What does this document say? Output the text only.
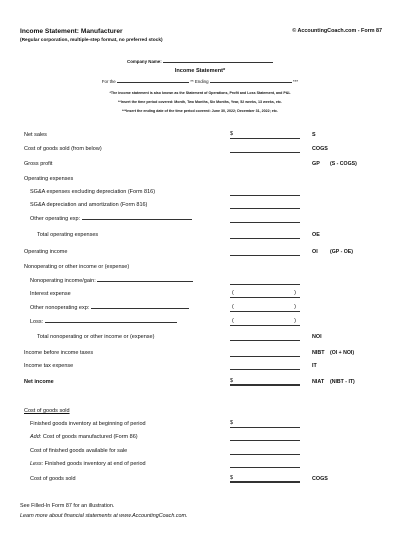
Income Statement: Manufacturer	© AccountingCoach.com - Form 87
(Regular corporation, multiple-step format, no preferred stock)
Company Name:
Income Statement*
For the	** Ending	***
*The income statement is also known as the Statement of Operations, Profit and Loss Statement, and P&L
**Insert the time period covered: Month, Two Months, Six Months, Year, 52 weeks, 13 weeks, etc.
***Insert the ending date of the time period covered: June 30, 2022; December 31, 2022; etc.
Net sales	$	S
Cost of goods sold (from below)	COGS
Gross profit	GP (S - COGS)
Operating expenses
SG&A expenses excluding depreciation (Form 816)
SG&A depreciation and amortization (Form 816)
Other operating exp:
Total operating expenses	OE
Operating income	OI (GP - OE)
Nonoperating or other income or (expense)
Nonoperating income/gain:
Interest expense	(	)
Other nonoperating exp:	(	)
Loss:	(	)
Total nonoperating or other income or (expense)	NOI
Income before income taxes	NIBT (OI + NOI)
Income tax expense	IT
Net income	$	NIAT (NIBT - IT)
Cost of goods sold
Finished goods inventory at beginning of period	$
Add: Cost of goods manufactured (Form 86)
Cost of finished goods available for sale
Less: Finished goods inventory at end of period
Cost of goods sold	$	COGS
See Filled-In Form 87 for an illustration.
Learn more about financial statements at www.AccountingCoach.com.
